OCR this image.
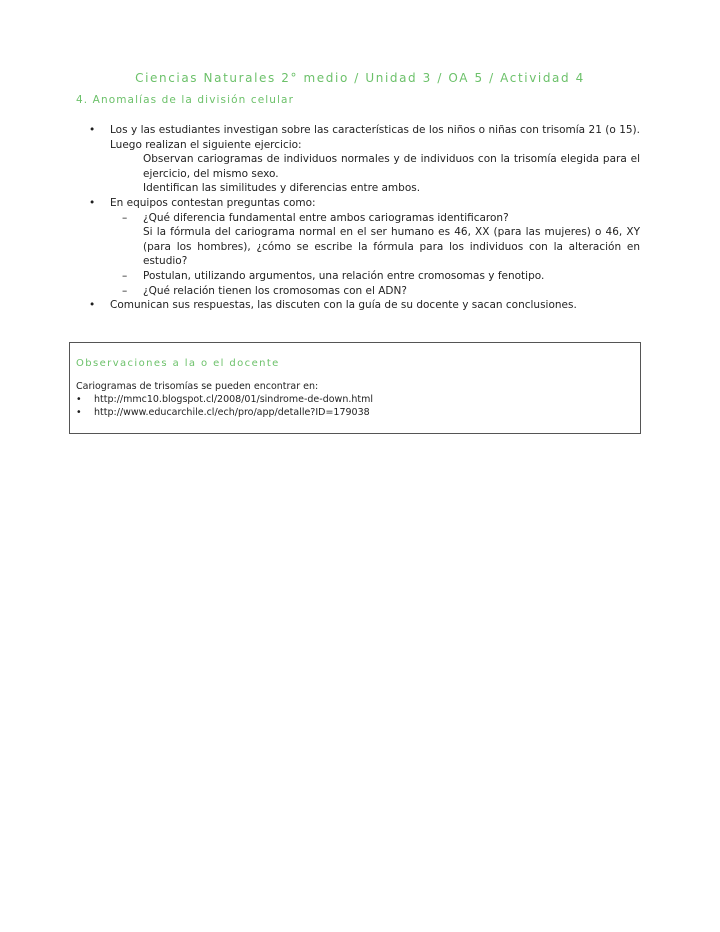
Ciencias Naturales 2° medio / Unidad 3 / OA 5 / Actividad 4
4. Anomalías de la división celular
• Los y las estudiantes investigan sobre las características de los niños o niñas con trisomía 21 (o 15). Luego realizan el siguiente ejercicio:
Observan cariogramas de individuos normales y de individuos con la trisomía elegida para el ejercicio, del mismo sexo.
Identifican las similitudes y diferencias entre ambos.
• En equipos contestan preguntas como:
– ¿Qué diferencia fundamental entre ambos cariogramas identificaron?
Si la fórmula del cariograma normal en el ser humano es 46, XX (para las mujeres) o 46, XY (para los hombres), ¿cómo se escribe la fórmula para los individuos con la alteración en estudio?
– Postulan, utilizando argumentos, una relación entre cromosomas y fenotipo.
– ¿Qué relación tienen los cromosomas con el ADN?
• Comunican sus respuestas, las discuten con la guía de su docente y sacan conclusiones.
Observaciones a la o el docente
Cariogramas de trisomías se pueden encontrar en:
• http://mmc10.blogspot.cl/2008/01/sindrome-de-down.html
• http://www.educarchile.cl/ech/pro/app/detalle?ID=179038
